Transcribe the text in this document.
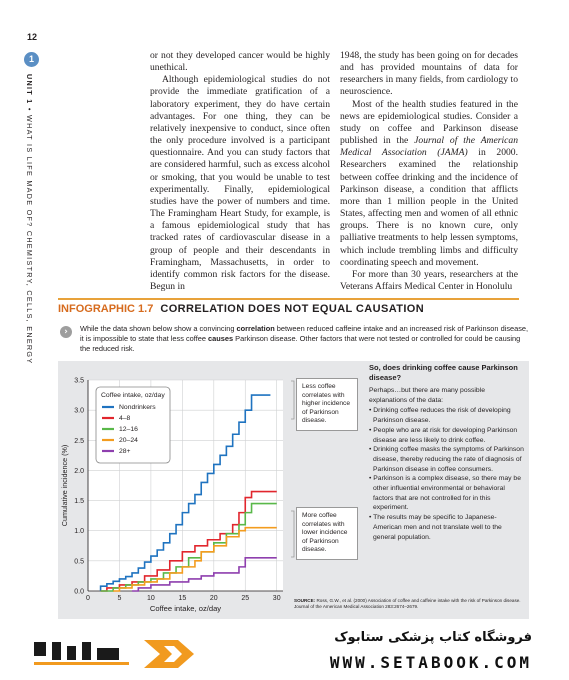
12
1
UNIT 1 • WHAT IS LIFE MADE OF? CHEMISTRY, CELLS, ENERGY

or not they developed cancer would be highly unethical.

Although epidemiological studies do not provide the immediate gratification of a laboratory experiment, they do have certain advantages. For one thing, they can be relatively inexpensive to conduct, since often the only procedure involved is a participant questionnaire. And you can study factors that are considered harmful, such as excess alcohol or smoking, that you would be unable to test experimentally. Finally, epidemiological studies have the power of numbers and time. The Framingham Heart Study, for example, is a famous epidemiological study that has tracked rates of cardiovascular disease in a group of people and their descendants in Framingham, Massachusetts, in order to identify common risk factors for the disease. Begun in

1948, the study has been going on for decades and has provided mountains of data for researchers in many fields, from cardiology to neuroscience.

Most of the health studies featured in the news are epidemiological studies. Consider a study on coffee and Parkinson disease published in the Journal of the American Medical Association (JAMA) in 2000. Researchers examined the relationship between coffee drinking and the incidence of Parkinson disease, a condition that afflicts more than 1 million people in the United States, affecting men and women of all ethnic groups. There is no known cure, only palliative treatments to help lessen symptoms, which include trembling limbs and difficulty coordinating speech and movement.

For more than 30 years, researchers at the Veterans Affairs Medical Center in Honolulu

INFOGRAPHIC 1.7 CORRELATION DOES NOT EQUAL CAUSATION
›	While the data shown below show a convincing correlation between reduced caffeine intake and an increased risk of Parkinson disease, it is impossible to state that less coffee causes Parkinson disease. Other factors that were not tested or controlled for could be causing the reduced risk.
0.0
0.5
1.0
1.5
2.0
2.5
3.0
3.5
0	5	10	15	20	25	30
Coffee intake, oz/day
Cumulative incidence (%)
Coffee intake, oz/day
Nondrinkers
4–8
12–16
20–24
28+
Less coffee correlates with higher incidence of Parkinson disease.
More coffee correlates with lower incidence of Parkinson disease.
So, does drinking coffee cause Parkinson disease?
Perhaps…but there are many possible explanations of the data:
• Drinking coffee reduces the risk of developing Parkinson disease.
• People who are at risk for developing Parkinson disease are less likely to drink coffee.
• Drinking coffee masks the symptoms of Parkinson disease, thereby reducing the rate of diagnosis of Parkinson disease in coffee consumers.
• Parkinson is a complex disease, so there may be other influential environmental or behavioral factors that are not controlled for in this experiment.
• The results may be specific to Japanese-American men and not translate well to the general population.
SOURCE: Ross, G.W., et al. (2000) Association of coffee and caffeine intake with the risk of Parkinson disease. Journal of the American Medical Association 283:2674–2679.
فروشگاه کتاب پزشکی ستابوک
WWW.SETABOOK.COM
